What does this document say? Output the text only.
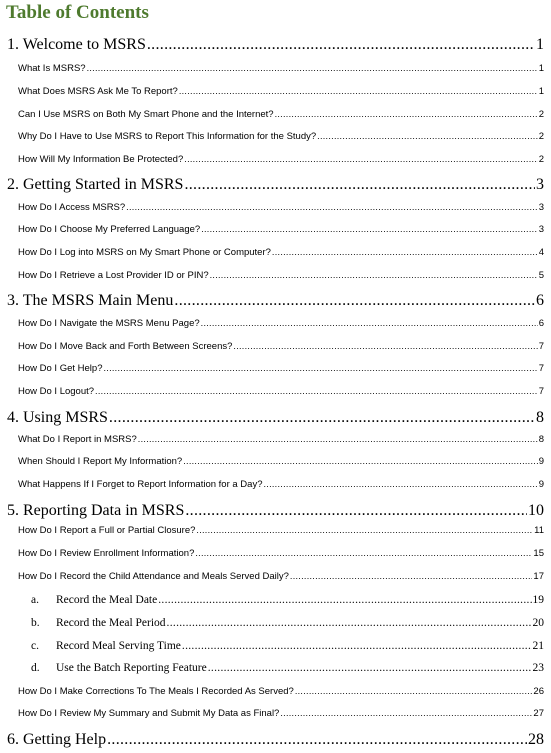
Table of Contents
1. Welcome to MSRS .....	1
What Is MSRS? .....	1
What Does MSRS Ask Me To Report? .....	1
Can I Use MSRS on Both My Smart Phone and the Internet? .....	2
Why Do I Have to Use MSRS to Report This Information for the Study? .....	2
How Will My Information Be Protected? .....	2
2. Getting Started in MSRS .....	3
How Do I Access MSRS? .....	3
How Do I Choose My Preferred Language? .....	3
How Do I Log into MSRS on My Smart Phone or Computer? .....	4
How Do I Retrieve a Lost Provider ID or PIN? .....	5
3. The MSRS Main Menu .....	6
How Do I Navigate the MSRS Menu Page? .....	6
How Do I Move Back and Forth Between Screens? .....	7
How Do I Get Help? .....	7
How Do I Logout? .....	7
4. Using MSRS .....	8
What Do I Report in MSRS? .....	8
When Should I Report My Information? .....	9
What Happens If I Forget to Report Information for a Day? .....	9
5. Reporting Data in MSRS .....	10
How Do I Report a Full or Partial Closure? .....	11
How Do I Review Enrollment Information? .....	15
How Do I Record the Child Attendance and Meals Served Daily? .....	17
a. Record the Meal Date .....	19
b. Record the Meal Period .....	20
c. Record Meal Serving Time .....	21
d. Use the Batch Reporting Feature .....	23
How Do I Make Corrections To The Meals I Recorded As Served? .....	26
How Do I Review My Summary and Submit My Data as Final? .....	27
6. Getting Help .....	28
